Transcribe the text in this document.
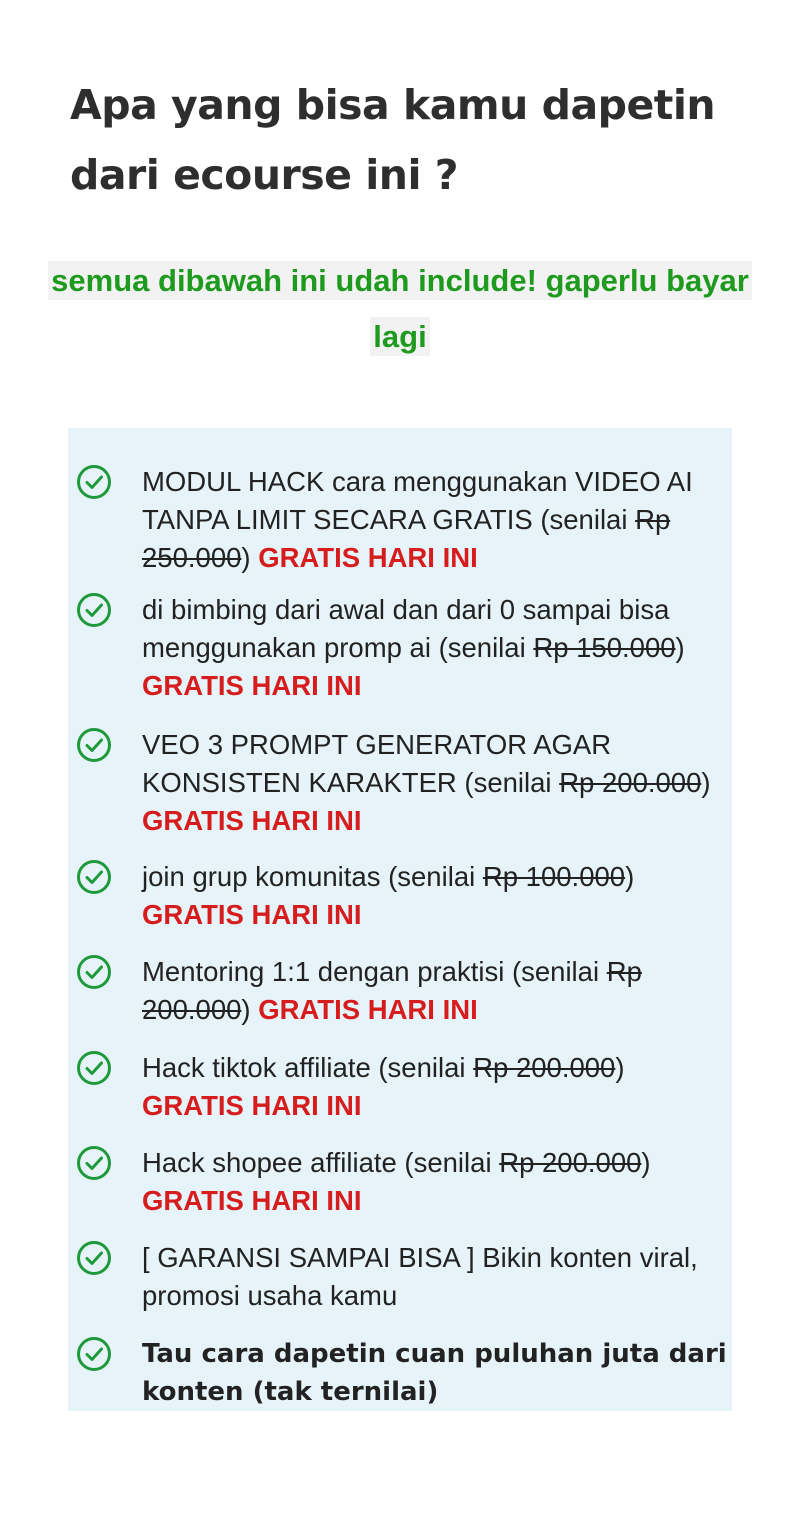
Apa yang bisa kamu dapetin dari ecourse ini ?
semua dibawah ini udah include! gaperlu bayar lagi
MODUL HACK cara menggunakan VIDEO AI TANPA LIMIT SECARA GRATIS (senilai Rp 250.000) GRATIS HARI INI
di bimbing dari awal dan dari 0 sampai bisa menggunakan promp ai (senilai Rp 150.000) GRATIS HARI INI
VEO 3 PROMPT GENERATOR AGAR KONSISTEN KARAKTER (senilai Rp 200.000) GRATIS HARI INI
join grup komunitas (senilai Rp 100.000) GRATIS HARI INI
Mentoring 1:1 dengan praktisi (senilai Rp 200.000) GRATIS HARI INI
Hack tiktok affiliate (senilai Rp 200.000) GRATIS HARI INI
Hack shopee affiliate (senilai Rp 200.000) GRATIS HARI INI
[ GARANSI SAMPAI BISA ] Bikin konten viral, promosi usaha kamu
Tau cara dapetin cuan puluhan juta dari konten (tak ternilai)
